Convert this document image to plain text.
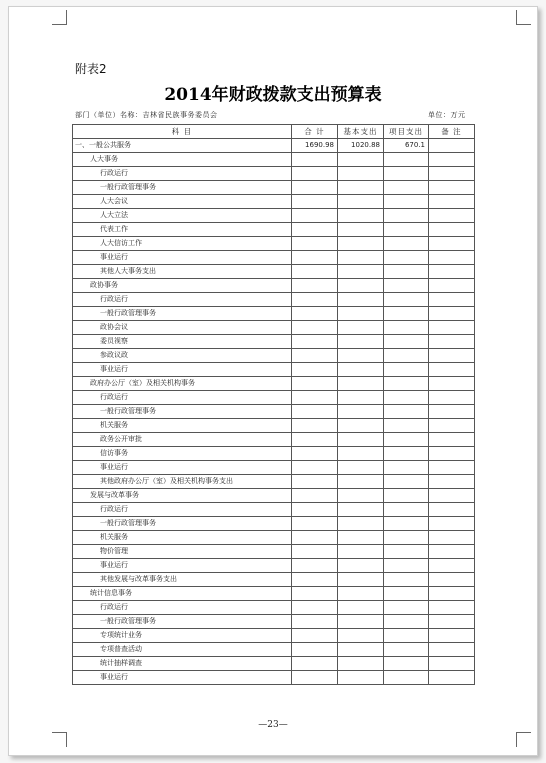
附表2
2014年财政拨款支出预算表
部门（单位）名称：吉林省民族事务委员会	单位：万元
科 目	合 计	基本支出	项目支出	备 注
一、一般公共服务	1690.98	1020.88	670.1	
人大事务				
行政运行				
一般行政管理事务				
人大会议				
人大立法				
代表工作				
人大信访工作				
事业运行				
其他人大事务支出				
政协事务				
行政运行				
一般行政管理事务				
政协会议				
委员视察				
参政议政				
事业运行				
政府办公厅（室）及相关机构事务				
行政运行				
一般行政管理事务				
机关服务				
政务公开审批				
信访事务				
事业运行				
其他政府办公厅（室）及相关机构事务支出				
发展与改革事务				
行政运行				
一般行政管理事务				
机关服务				
物价管理				
事业运行				
其他发展与改革事务支出				
统计信息事务				
行政运行				
一般行政管理事务				
专项统计业务				
专项普查活动				
统计抽样调查				
事业运行				
—23—
